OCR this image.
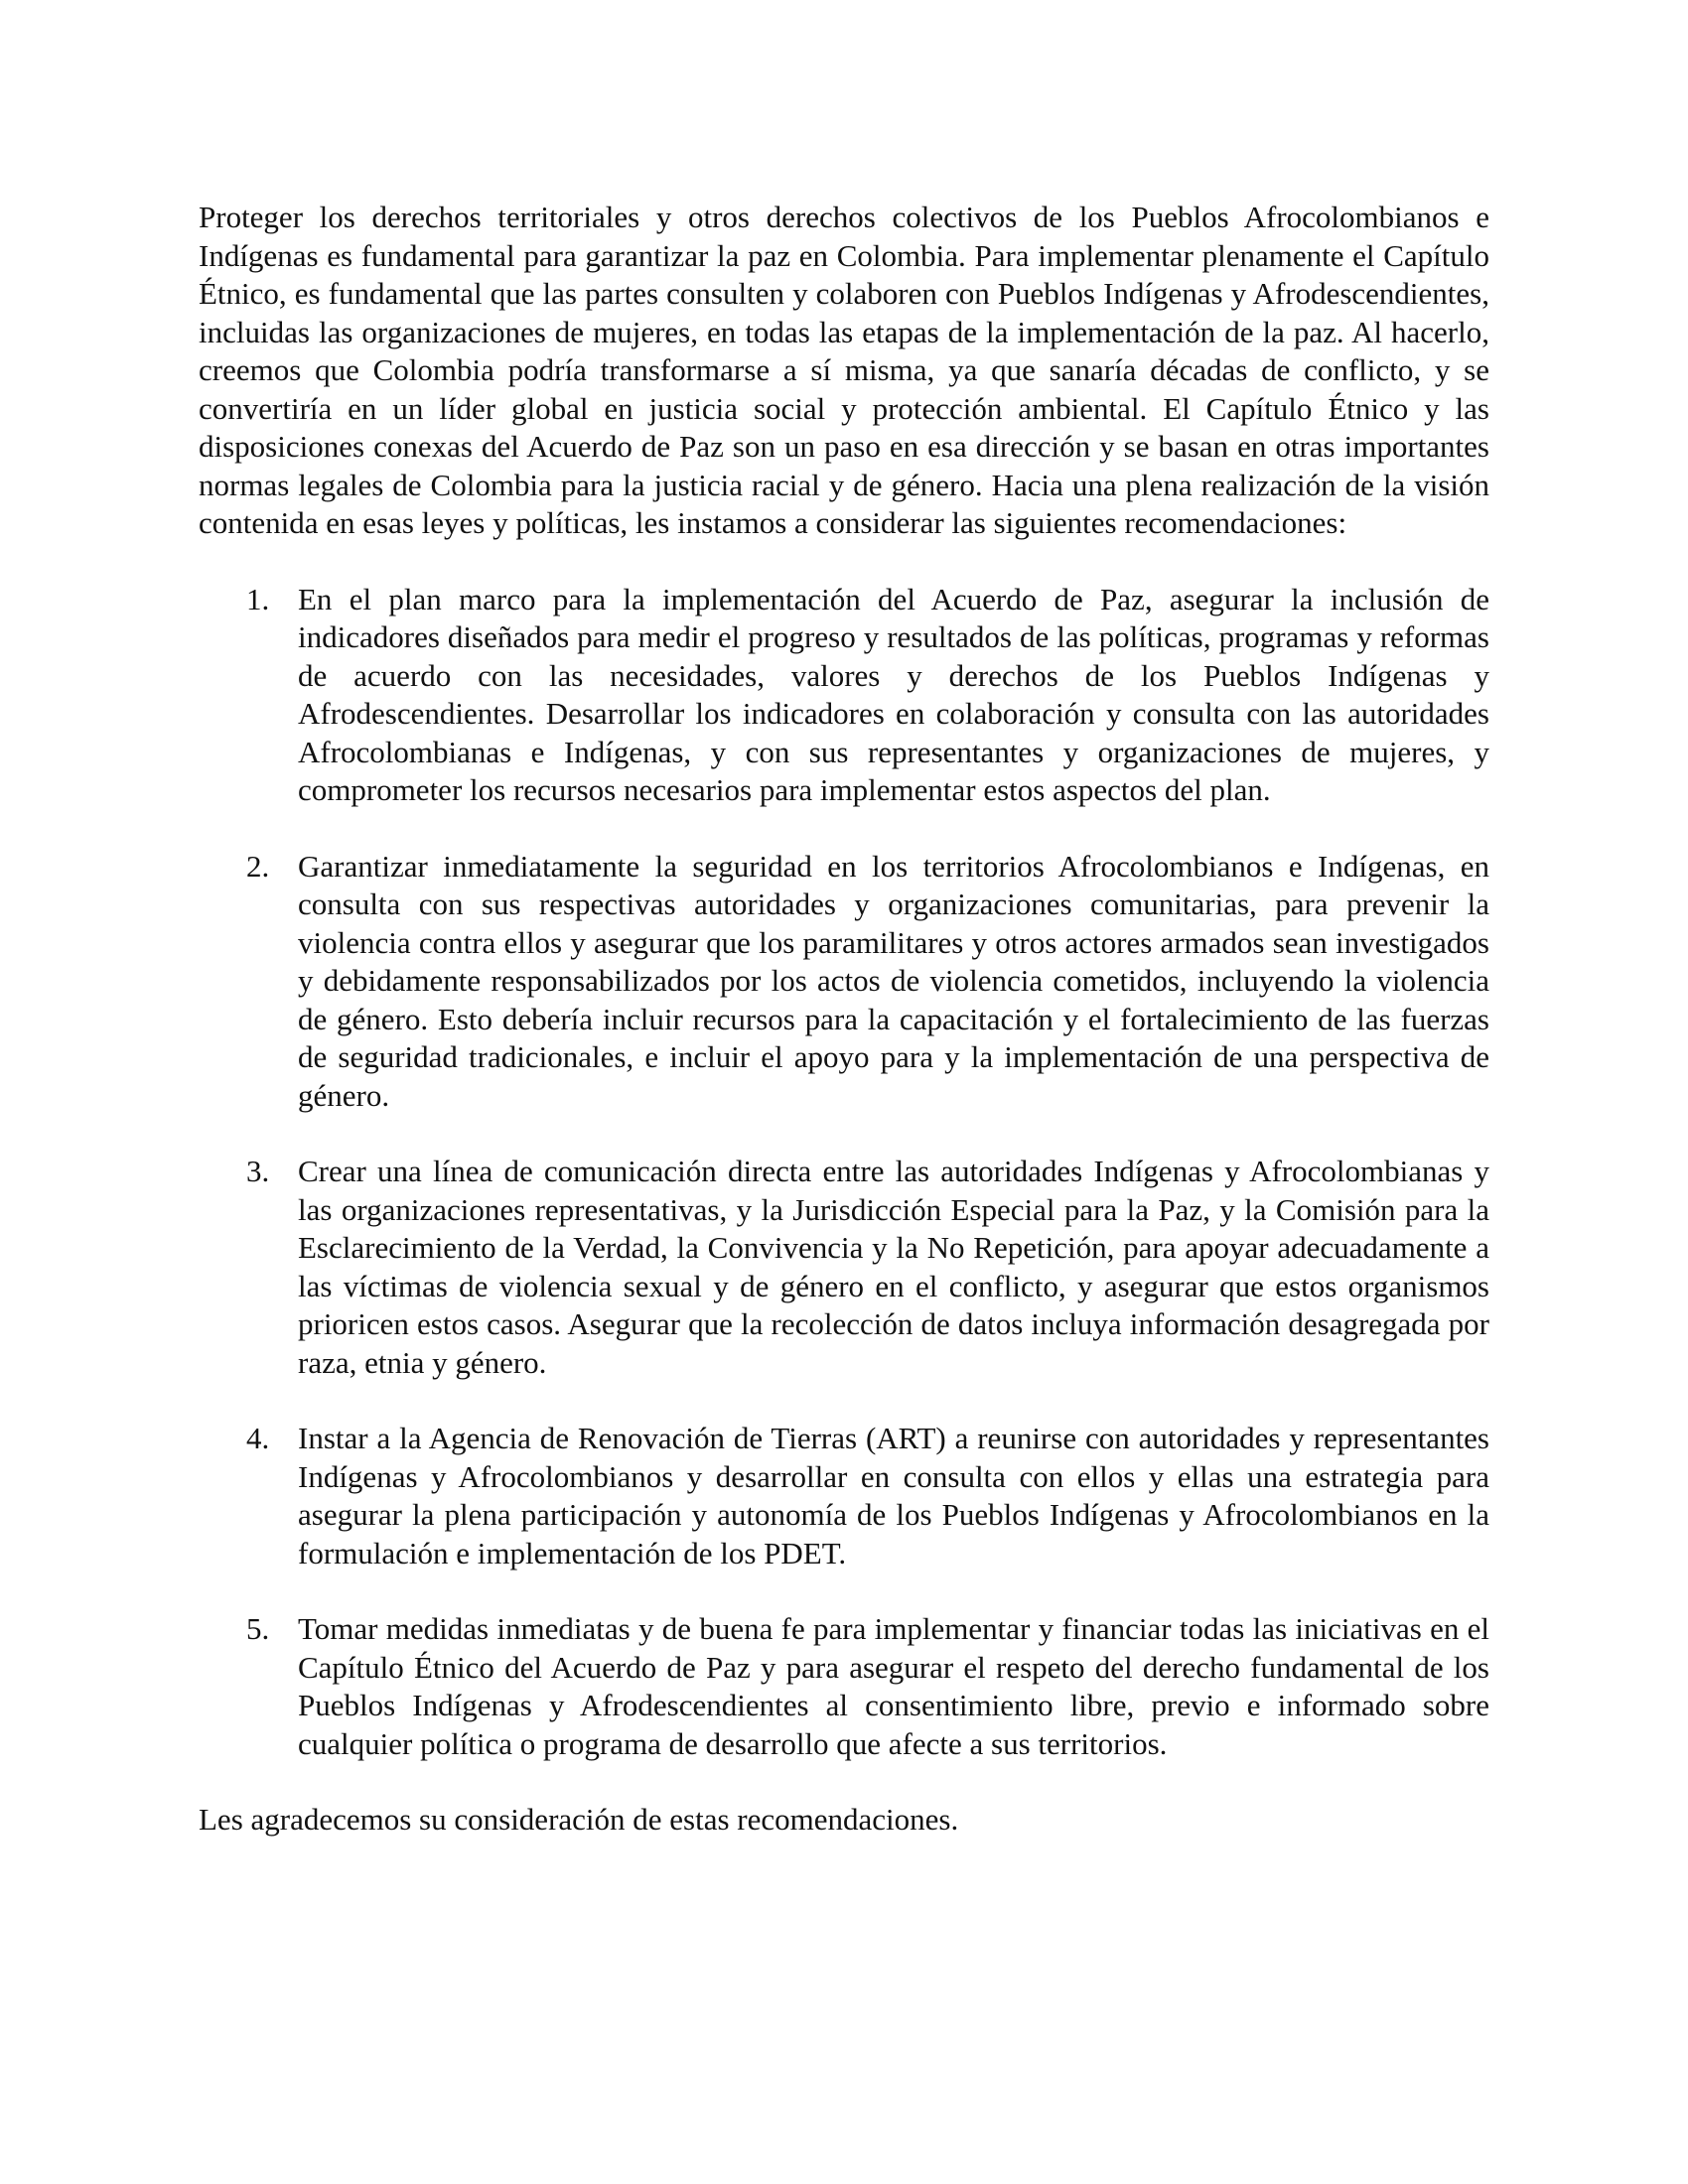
Proteger los derechos territoriales y otros derechos colectivos de los Pueblos Afrocolombianos e Indígenas es fundamental para garantizar la paz en Colombia. Para implementar plenamente el Capítulo Étnico, es fundamental que las partes consulten y colaboren con Pueblos Indígenas y Afrodescendientes, incluidas las organizaciones de mujeres, en todas las etapas de la implementación de la paz. Al hacerlo, creemos que Colombia podría transformarse a sí misma, ya que sanaría décadas de conflicto, y se convertiría en un líder global en justicia social y protección ambiental. El Capítulo Étnico y las disposiciones conexas del Acuerdo de Paz son un paso en esa dirección y se basan en otras importantes normas legales de Colombia para la justicia racial y de género. Hacia una plena realización de la visión contenida en esas leyes y políticas, les instamos a considerar las siguientes recomendaciones:

1. En el plan marco para la implementación del Acuerdo de Paz, asegurar la inclusión de indicadores diseñados para medir el progreso y resultados de las políticas, programas y reformas de acuerdo con las necesidades, valores y derechos de los Pueblos Indígenas y Afrodescendientes. Desarrollar los indicadores en colaboración y consulta con las autoridades Afrocolombianas e Indígenas, y con sus representantes y organizaciones de mujeres, y comprometer los recursos necesarios para implementar estos aspectos del plan.
2. Garantizar inmediatamente la seguridad en los territorios Afrocolombianos e Indígenas, en consulta con sus respectivas autoridades y organizaciones comunitarias, para prevenir la violencia contra ellos y asegurar que los paramilitares y otros actores armados sean investigados y debidamente responsabilizados por los actos de violencia cometidos, incluyendo la violencia de género. Esto debería incluir recursos para la capacitación y el fortalecimiento de las fuerzas de seguridad tradicionales, e incluir el apoyo para y la implementación de una perspectiva de género.
3. Crear una línea de comunicación directa entre las autoridades Indígenas y Afrocolombianas y las organizaciones representativas, y la Jurisdicción Especial para la Paz, y la Comisión para la Esclarecimiento de la Verdad, la Convivencia y la No Repetición, para apoyar adecuadamente a las víctimas de violencia sexual y de género en el conflicto, y asegurar que estos organismos prioricen estos casos. Asegurar que la recolección de datos incluya información desagregada por raza, etnia y género.
4. Instar a la Agencia de Renovación de Tierras (ART) a reunirse con autoridades y representantes Indígenas y Afrocolombianos y desarrollar en consulta con ellos y ellas una estrategia para asegurar la plena participación y autonomía de los Pueblos Indígenas y Afrocolombianos en la formulación e implementación de los PDET.
5. Tomar medidas inmediatas y de buena fe para implementar y financiar todas las iniciativas en el Capítulo Étnico del Acuerdo de Paz y para asegurar el respeto del derecho fundamental de los Pueblos Indígenas y Afrodescendientes al consentimiento libre, previo e informado sobre cualquier política o programa de desarrollo que afecte a sus territorios.

Les agradecemos su consideración de estas recomendaciones.
